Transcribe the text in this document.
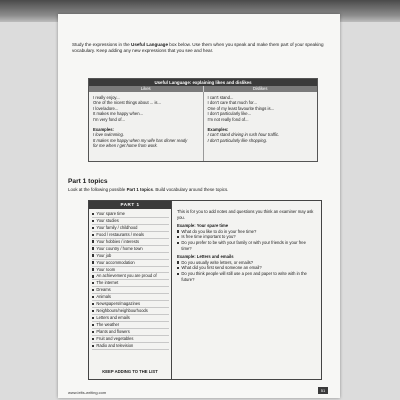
Study the expressions in the Useful Language box below. Use them when you speak and make them part of your speaking vocabulary. Keep adding any new expressions that you see and hear.
Useful Language: explaining likes and dislikes
Likes	Dislikes
I really enjoy...
One of the nicest things about ... is...
I love/adore...
It makes me happy when...
I'm very fond of...
Examples:
I love swimming.
It makes me happy when my wife has dinner ready
for me when I get home from work.
I can't stand...
I don't care that much for...
One of my least favourite things is...
I don't particularly like...
I'm not really fond of...
Examples:
I can't stand driving in rush hour traffic.
I don't particularly like shopping.
Part 1 topics
Look at the following possible Part 1 topics. Build vocabulary around these topics.
PART 1
Your spare time
Your studies
Your family / childhood
Food / restaurants / meals
Your hobbies / interests
Your country / home town
Your job
Your accommodation
Your room
An achievement you are proud of
The internet
Dreams
Animals
Newspapers/magazines
Neighbours/neighbourhoods
Letters and emails
The weather
Plants and flowers
Fruit and vegetables
Radio and television
KEEP ADDING TO THE LIST
This is for you to add notes and questions you think an examiner may ask you.
Example: Your spare time
What do you like to do in your free time?
Is free time important to you?
Do you prefer to be with your family or with your friends in your free time?
Example: Letters and emails
Do you usually write letters, or emails?
What did you first send someone an email?
Do you think people will still use a pen and paper to write with in the future?
www.ielts-writing.com	51
